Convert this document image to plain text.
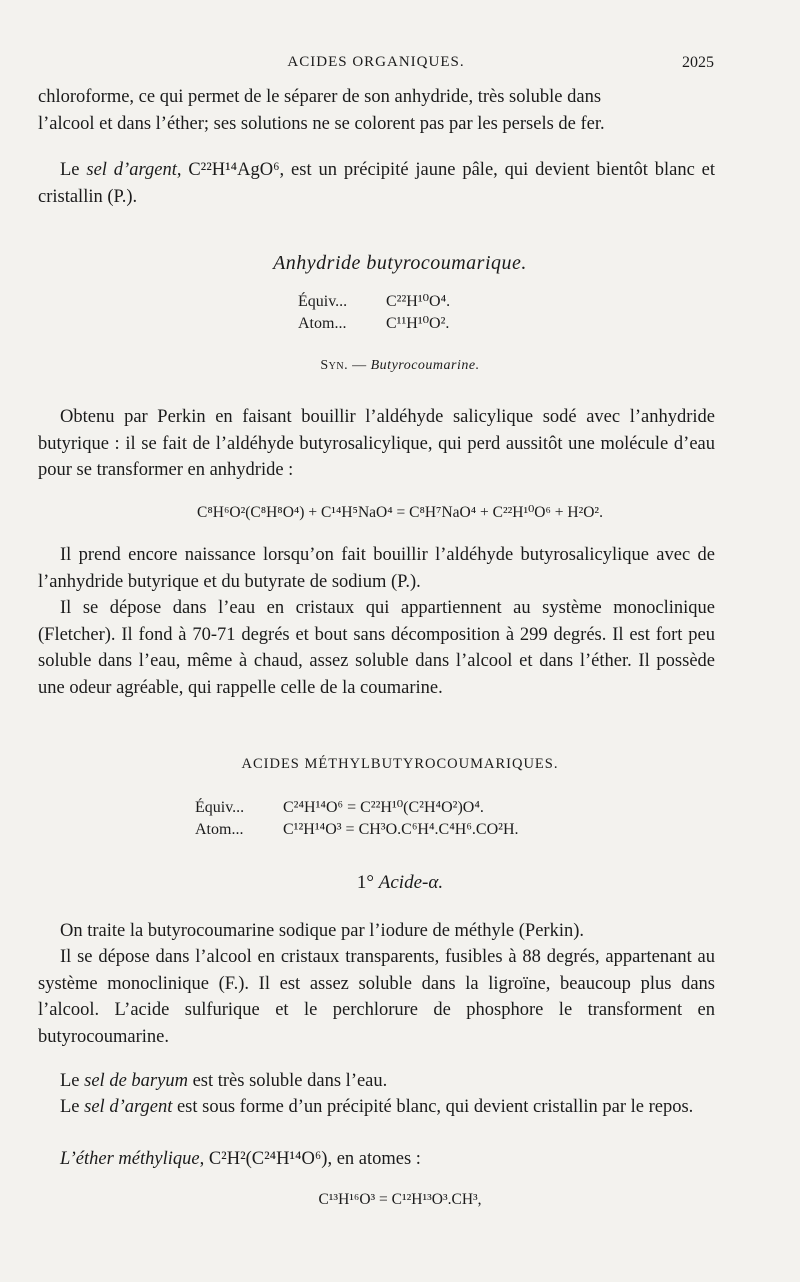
ACIDES ORGANIQUES.	2025
chloroforme, ce qui permet de le séparer de son anhydride, très soluble dans
l’alcool et dans l’éther; ses solutions ne se colorent pas par les persels de fer.
Le sel d’argent, C²²H¹⁴AgO⁶, est un précipité jaune pâle, qui devient bientôt blanc et cristallin (P.).
Anhydride butyrocoumarique.
Équiv... C²²H¹⁰O⁴.
Atom... C¹¹H¹⁰O².
Syn. — Butyrocoumarine.
Obtenu par Perkin en faisant bouillir l’aldéhyde salicylique sodé avec l’anhydride butyrique : il se fait de l’aldéhyde butyrosalicylique, qui perd aussitôt une molécule d’eau pour se transformer en anhydride :
C⁸H⁶O²(C⁸H⁸O⁴) + C¹⁴H⁵NaO⁴ = C⁸H⁷NaO⁴ + C²²H¹⁰O⁶ + H²O².
Il prend encore naissance lorsqu’on fait bouillir l’aldéhyde butyrosalicylique avec de l’anhydride butyrique et du butyrate de sodium (P.).
Il se dépose dans l’eau en cristaux qui appartiennent au système monoclinique (Fletcher). Il fond à 70-71 degrés et bout sans décomposition à 299 degrés. Il est fort peu soluble dans l’eau, même à chaud, assez soluble dans l’alcool et dans l’éther. Il possède une odeur agréable, qui rappelle celle de la coumarine.
ACIDES MÉTHYLBUTYROCOUMARIQUES.
Équiv... C²⁴H¹⁴O⁶ = C²²H¹⁰(C²H⁴O²)O⁴.
Atom... C¹²H¹⁴O³ = CH³O.C⁶H⁴.C⁴H⁶.CO²H.
1° Acide-α.
On traite la butyrocoumarine sodique par l’iodure de méthyle (Perkin).
Il se dépose dans l’alcool en cristaux transparents, fusibles à 88 degrés, appartenant au système monoclinique (F.). Il est assez soluble dans la ligroïne, beaucoup plus dans l’alcool. L’acide sulfurique et le perchlorure de phosphore le transforment en butyrocoumarine.
Le sel de baryum est très soluble dans l’eau.
Le sel d’argent est sous forme d’un précipité blanc, qui devient cristallin par le repos.
L’éther méthylique, C²H²(C²⁴H¹⁴O⁶), en atomes :
C¹³H¹⁶O³ = C¹²H¹³O³.CH³,
